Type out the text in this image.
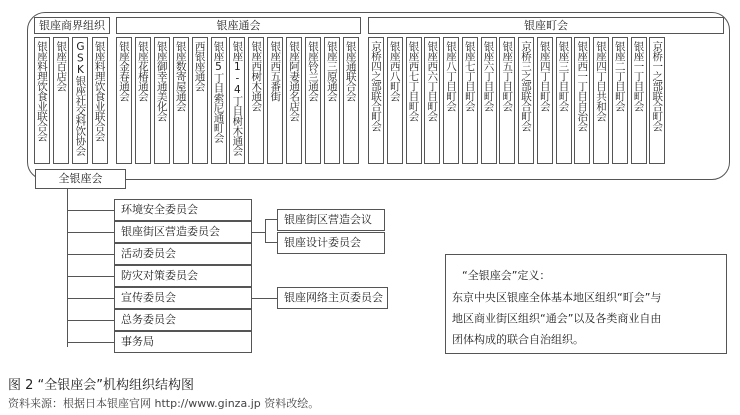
银座商界组织	银座通会	银座町会
银座料理饮食业联合会 银座百店会 GSK银座社交料饮协会 银座料理饮食业联合会 银座金春通会 银座花椿通会 银座御幸通美化会 银座数寄屋通会 西银座通会 银座5丁目索尼通町会 银座1-4丁目树木通会 银座西树木通会 银座西五番街 银座阿妻通名店会 银座铃兰通会 银座三原通会 银座通联合会 京桥四之部联合町会 银座西八町会 银座西七丁目町会 银座西六丁目町会 银座八丁目町会 银座七丁目町会 银座六丁目町会 银座五丁目町会 京桥三之部联合町会 银座四丁目町会 银座三丁目町会 银座西一丁目自治会 银座四丁目共和会 银座二丁目町会 银座一丁目町会 京桥一之部联合町会
全银座会
环境安全委员会
银座街区营造委员会
活动委员会
防灾对策委员会
宣传委员会
总务委员会
事务局
银座街区营造会议
银座设计委员会
银座网络主页委员会
“全银座会”定义：
东京中央区银座全体基本地区组织“町会”与
地区商业街区组织“通会”以及各类商业自由
团体构成的联合自治组织。
图 2 “全银座会”机构组织结构图
资料来源：根据日本银座官网 http://www.ginza.jp 资料改绘。
